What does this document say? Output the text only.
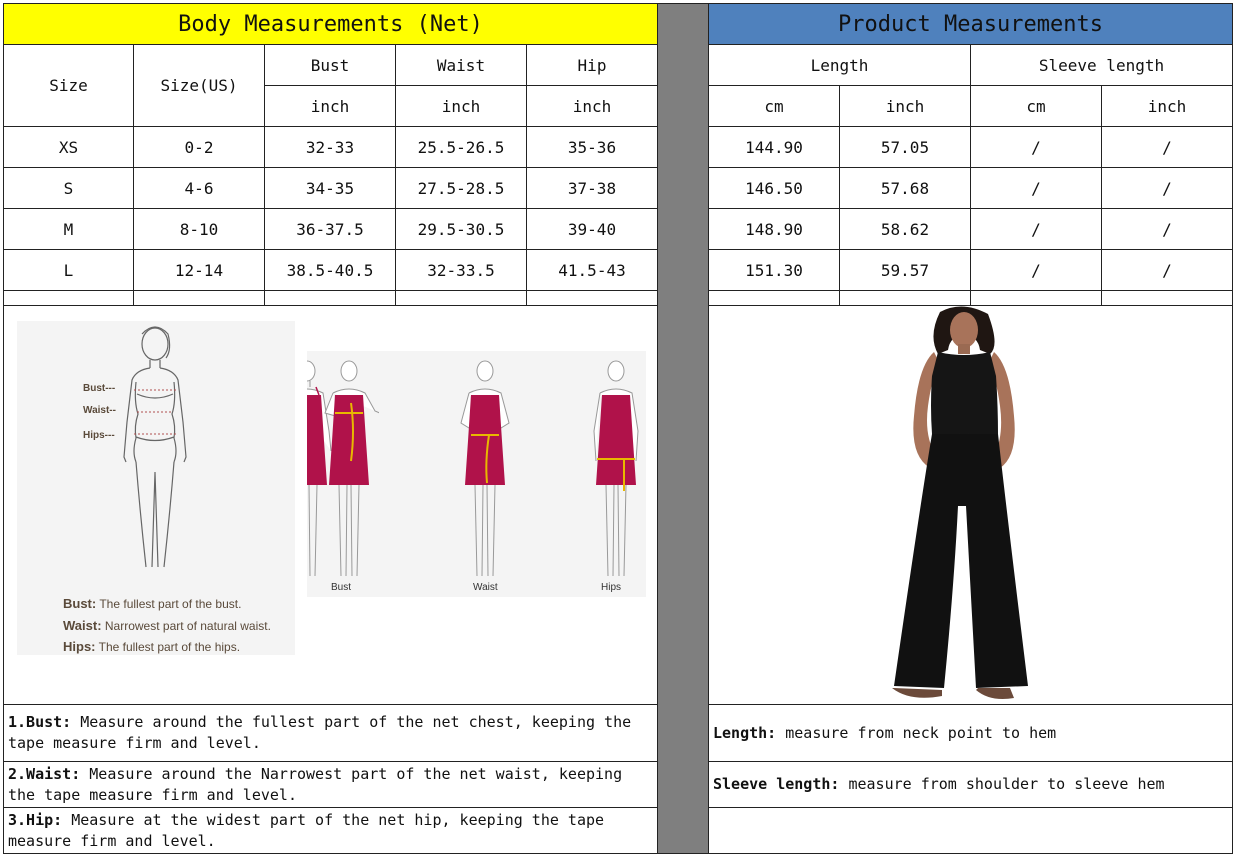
Body Measurements (Net)	Product Measurements
Size	Size(US)
Bust	Waist	Hip
inch	inch	inch
Length	Sleeve length
cm	inch	cm	inch
XS	0-2	32-33	25.5-26.5	35-36	144.90	57.05	/	/
S	4-6	34-35	27.5-28.5	37-38	146.50	57.68	/	/
M	8-10	36-37.5	29.5-30.5	39-40	148.90	58.62	/	/
L	12-14	38.5-40.5	32-33.5	41.5-43	151.30	59.57	/	/
Bust---
Waist--
Hips---
Bust: The fullest part of the bust.
Waist: Narrowest part of natural waist.
Hips: The fullest part of the hips.
Bust	Waist	Hips
1.Bust: Measure around the fullest part of the net chest, keeping the tape measure firm and level.
2.Waist: Measure around the Narrowest part of the net waist, keeping the tape measure firm and level.
3.Hip: Measure at the widest part of the net hip, keeping the tape measure firm and level.
Length: measure from neck point to hem
Sleeve length: measure from shoulder to sleeve hem
